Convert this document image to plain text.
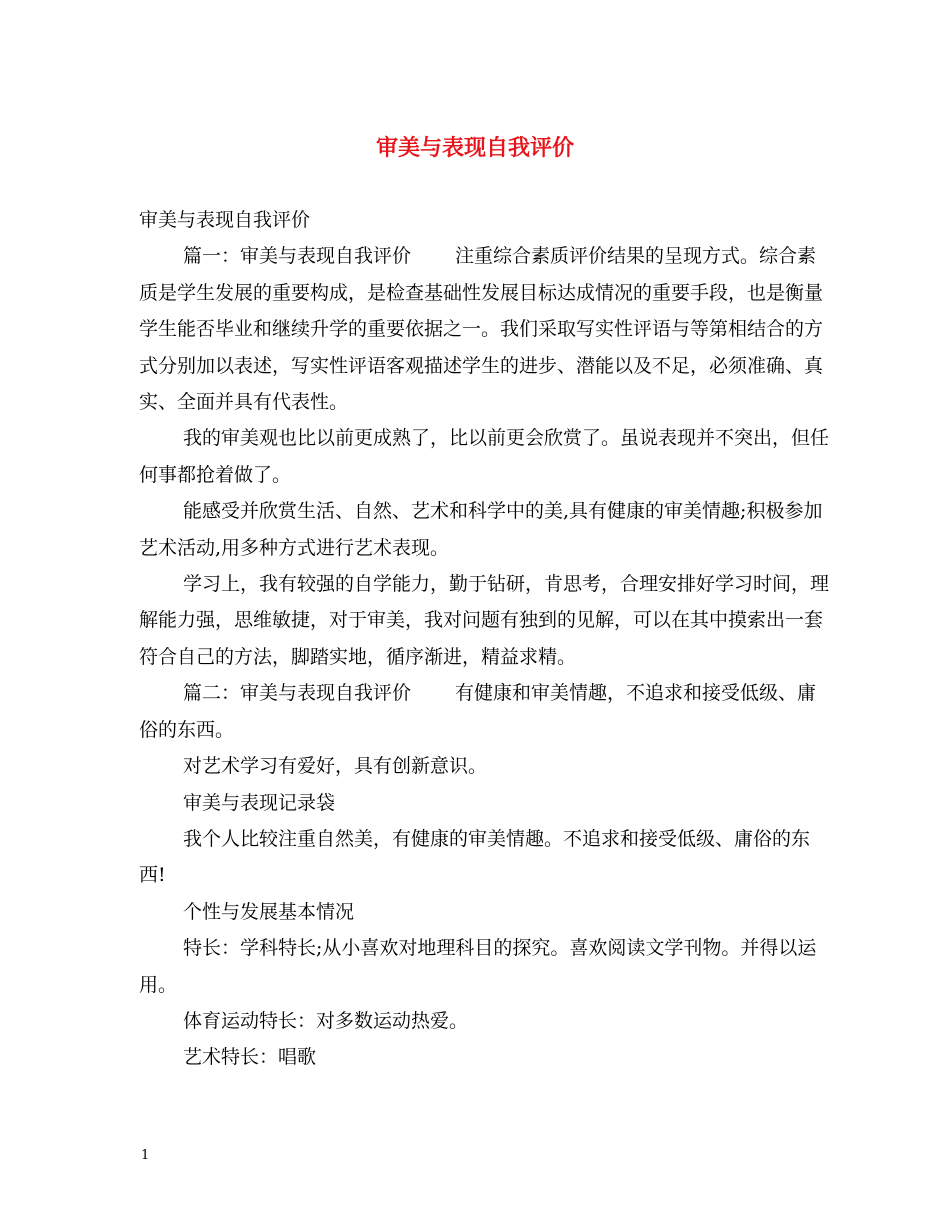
审美与表现自我评价

审美与表现自我评价

篇一：审美与表现自我评价 注重综合素质评价结果的呈现方式。综合素质是学生发展的重要构成，是检查基础性发展目标达成情况的重要手段，也是衡量学生能否毕业和继续升学的重要依据之一。我们采取写实性评语与等第相结合的方式分别加以表述，写实性评语客观描述学生的进步、潜能以及不足，必须准确、真实、全面并具有代表性。

我的审美观也比以前更成熟了，比以前更会欣赏了。虽说表现并不突出，但任何事都抢着做了。

能感受并欣赏生活、自然、艺术和科学中的美,具有健康的审美情趣;积极参加艺术活动,用多种方式进行艺术表现。

学习上，我有较强的自学能力，勤于钻研，肯思考，合理安排好学习时间，理解能力强，思维敏捷，对于审美，我对问题有独到的见解，可以在其中摸索出一套符合自己的方法，脚踏实地，循序渐进，精益求精。

篇二：审美与表现自我评价 有健康和审美情趣，不追求和接受低级、庸俗的东西。

对艺术学习有爱好，具有创新意识。

审美与表现记录袋

我个人比较注重自然美，有健康的审美情趣。不追求和接受低级、庸俗的东西!

个性与发展基本情况

特长：学科特长;从小喜欢对地理科目的探究。喜欢阅读文学刊物。并得以运用。

体育运动特长：对多数运动热爱。

艺术特长：唱歌

1
